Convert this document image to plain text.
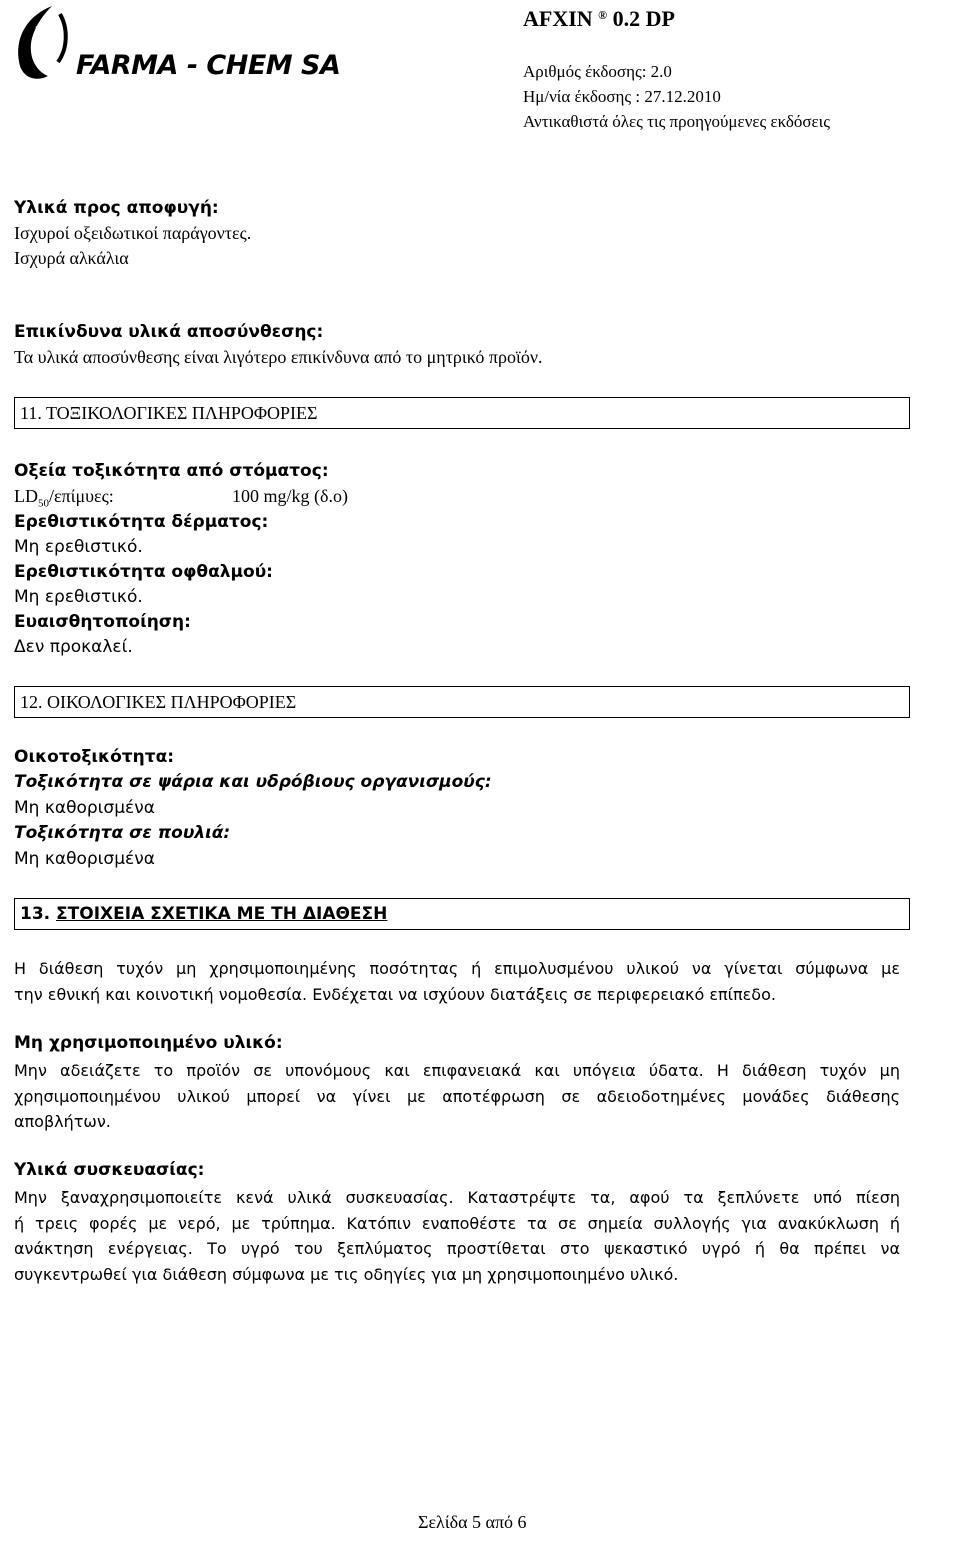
FARMA - CHEM SA
AFXIN ® 0.2 DP
Αριθμός έκδοσης: 2.0
Ημ/νία έκδοσης : 27.12.2010
Αντικαθιστά όλες τις προηγούμενες εκδόσεις
Υλικά προς αποφυγή:
Ισχυροί οξειδωτικοί παράγοντες.
Ισχυρά αλκάλια
Επικίνδυνα υλικά αποσύνθεσης:
Τα υλικά αποσύνθεσης είναι λιγότερο επικίνδυνα από το μητρικό προϊόν.
11. ΤΟΞΙΚΟΛΟΓΙΚΕΣ ΠΛΗΡΟΦΟΡΙΕΣ
Οξεία τοξικότητα από στόματος:
$LD_{50}$/επίμυες:	100 mg/kg (δ.ο)
Ερεθιστικότητα δέρματος:
Μη ερεθιστικό.
Ερεθιστικότητα οφθαλμού:
Μη ερεθιστικό.
Ευαισθητοποίηση:
Δεν προκαλεί.
12. ΟΙΚΟΛΟΓΙΚΕΣ ΠΛΗΡΟΦΟΡΙΕΣ
Οικοτοξικότητα:
Τοξικότητα σε ψάρια και υδρόβιους οργανισμούς:
Μη καθορισμένα
Τοξικότητα σε πουλιά:
Μη καθορισμένα
13. ΣΤΟΙΧΕΙΑ ΣΧΕΤΙΚΑ ΜΕ ΤΗ ΔΙΑΘΕΣΗ
Η διάθεση τυχόν μη χρησιμοποιημένης ποσότητας ή επιμολυσμένου υλικού να γίνεται σύμφωνα με
την εθνική και κοινοτική νομοθεσία. Ενδέχεται να ισχύουν διατάξεις σε περιφερειακό επίπεδο.
Μη χρησιμοποιημένο υλικό:
Μην αδειάζετε το προϊόν σε υπονόμους και επιφανειακά και υπόγεια ύδατα. Η διάθεση τυχόν μη
χρησιμοποιημένου υλικού μπορεί να γίνει με αποτέφρωση σε αδειοδοτημένες μονάδες διάθεσης
αποβλήτων.
Υλικά συσκευασίας:
Μην ξαναχρησιμοποιείτε κενά υλικά συσκευασίας. Καταστρέψτε τα, αφού τα ξεπλύνετε υπό πίεση
ή τρεις φορές με νερό, με τρύπημα. Κατόπιν εναποθέστε τα σε σημεία συλλογής για ανακύκλωση ή
ανάκτηση ενέργειας. Το υγρό του ξεπλύματος προστίθεται στο ψεκαστικό υγρό ή θα πρέπει να
συγκεντρωθεί για διάθεση σύμφωνα με τις οδηγίες για μη χρησιμοποιημένο υλικό.
Σελίδα 5 από 6
